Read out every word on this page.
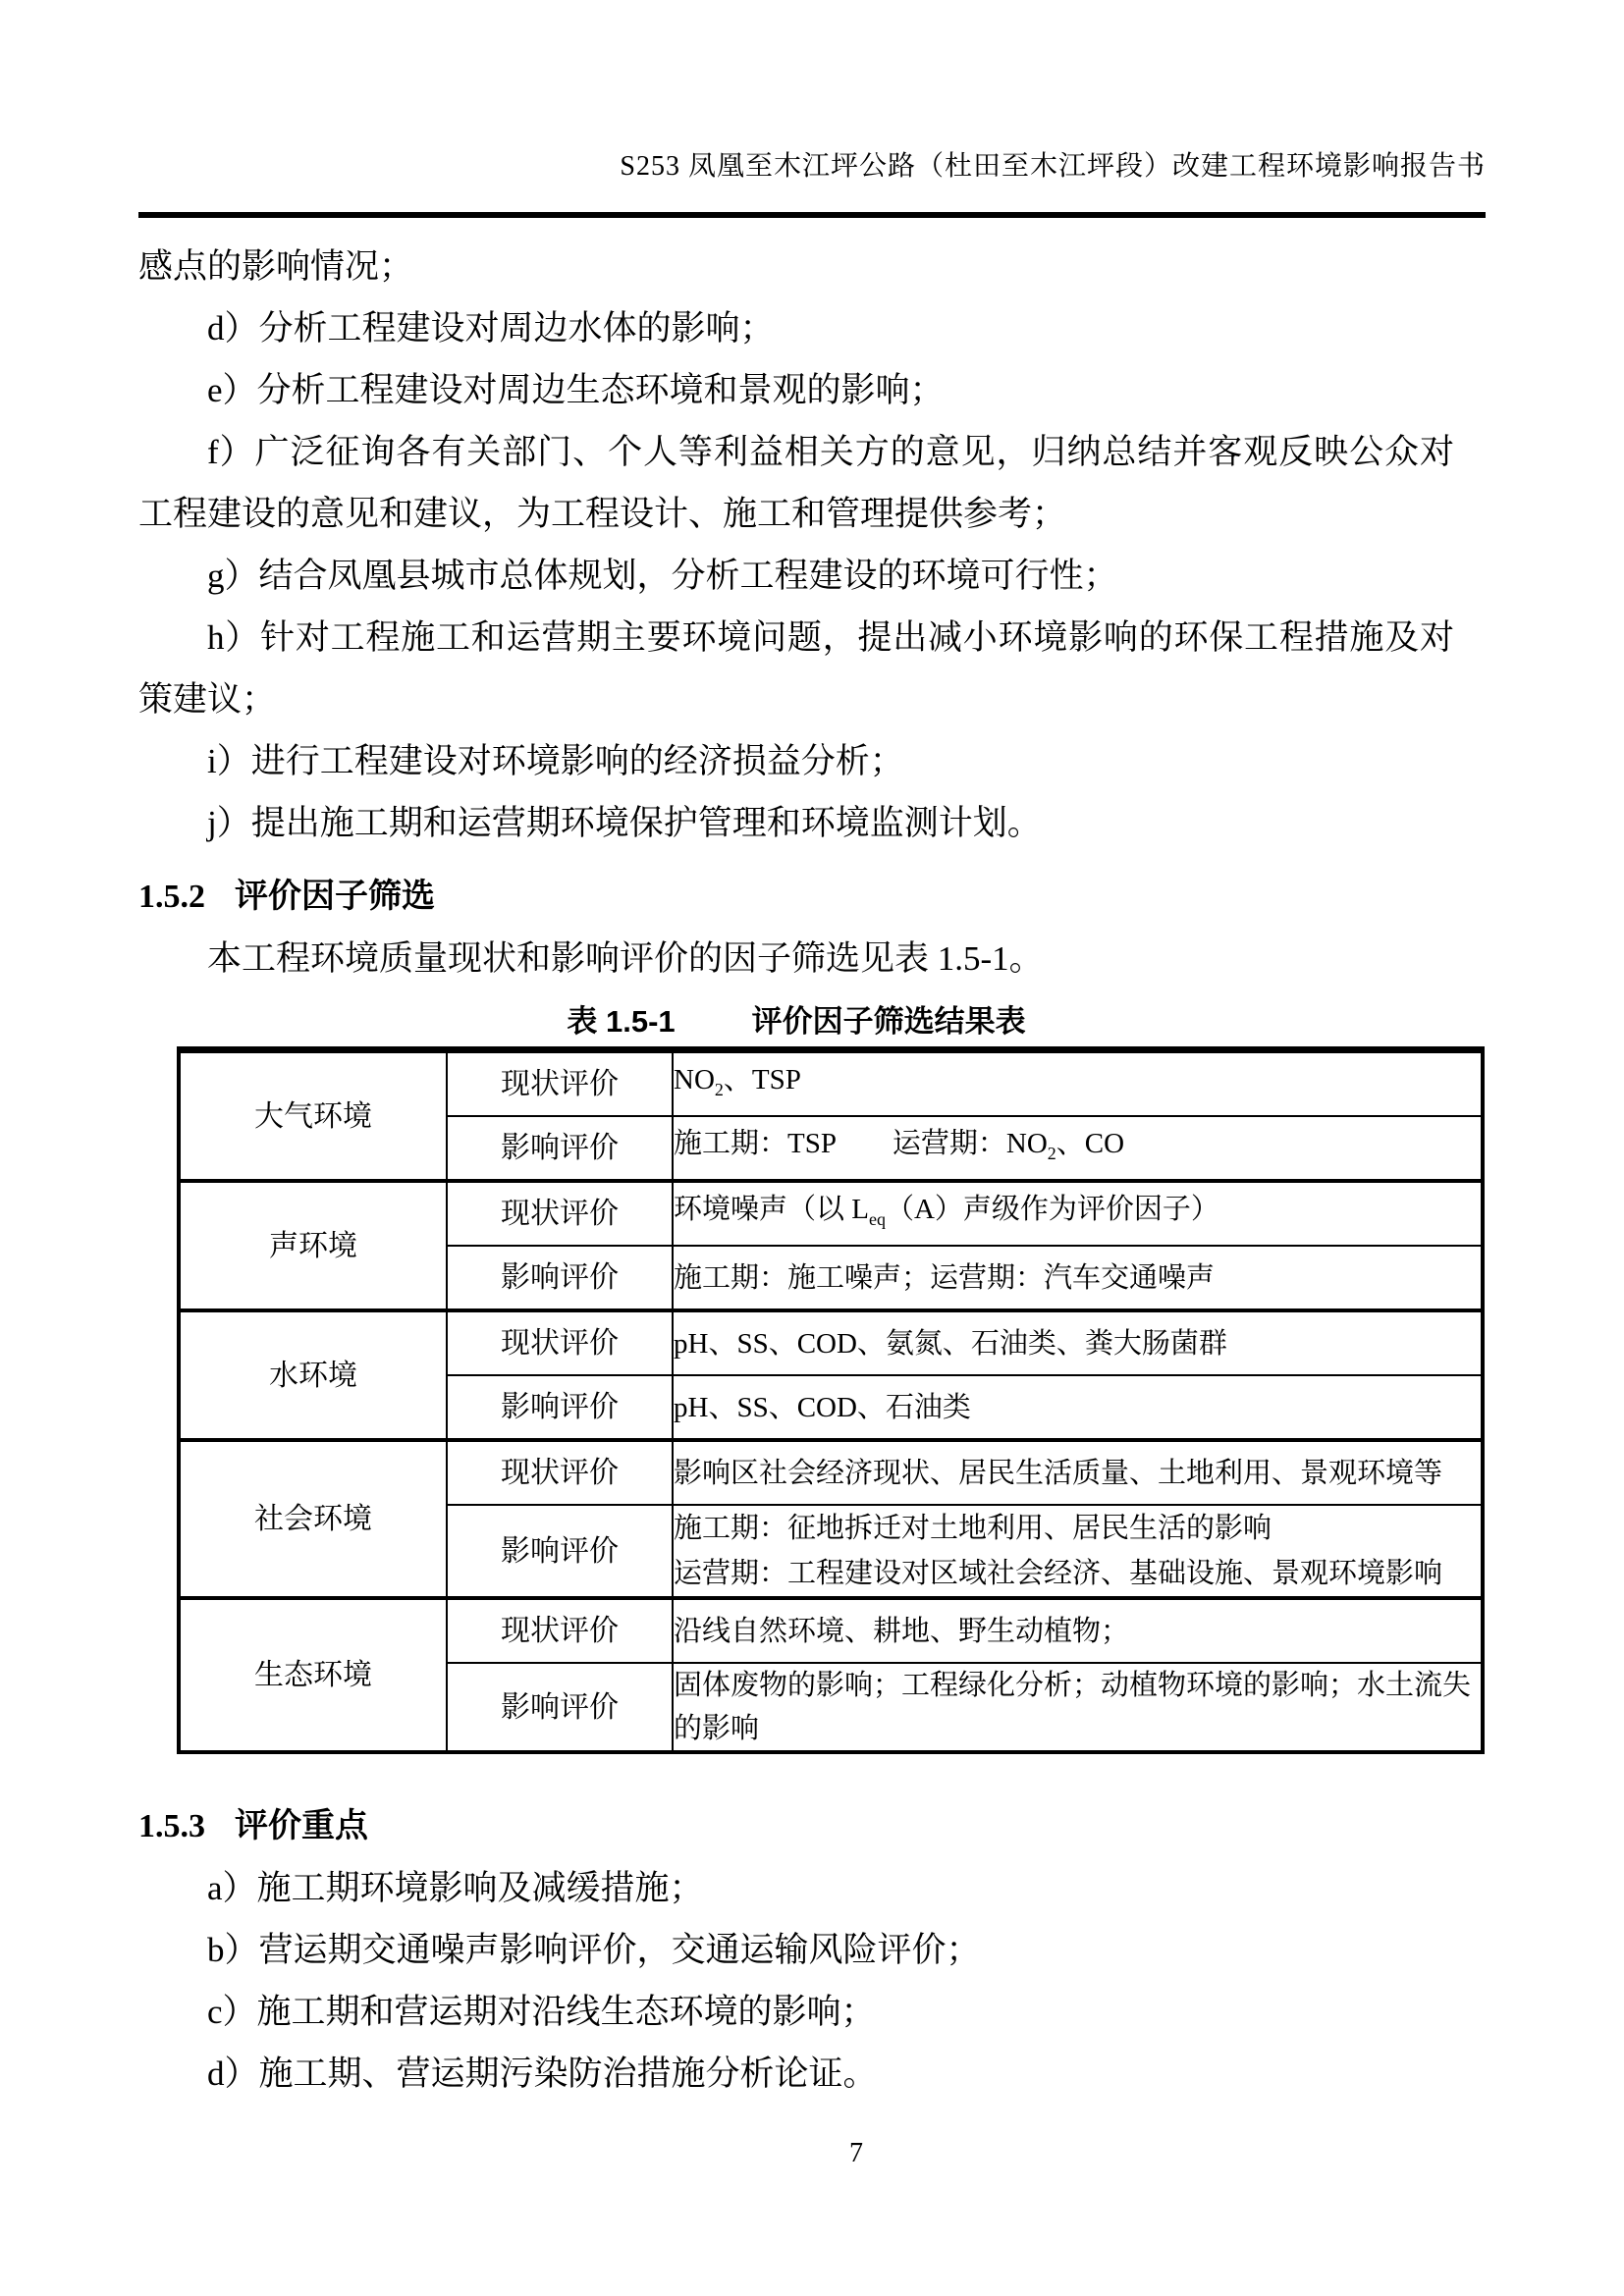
S253 凤凰至木江坪公路（杜田至木江坪段）改建工程环境影响报告书

感点的影响情况；

d）分析工程建设对周边水体的影响；

e）分析工程建设对周边生态环境和景观的影响；

f）广泛征询各有关部门、个人等利益相关方的意见，归纳总结并客观反映公众对工程建设的意见和建议，为工程设计、施工和管理提供参考；

g）结合凤凰县城市总体规划，分析工程建设的环境可行性；

h）针对工程施工和运营期主要环境问题，提出减小环境影响的环保工程措施及对策建议；

i）进行工程建设对环境影响的经济损益分析；

j）提出施工期和运营期环境保护管理和环境监测计划。

1.5.2 评价因子筛选

本工程环境质量现状和影响评价的因子筛选见表 1.5-1。

表 1.5-1	评价因子筛选结果表
大气环境	现状评价	$NO_2$、TSP
	影响评价	施工期：TSP　　运营期：$NO_2$、CO
声环境	现状评价	环境噪声（以 $L_{eq}(A)$声级作为评价因子）
	影响评价	施工期：施工噪声；运营期：汽车交通噪声
水环境	现状评价	pH、SS、COD、氨氮、石油类、粪大肠菌群
	影响评价	pH、SS、COD、石油类
社会环境	现状评价	影响区社会经济现状、居民生活质量、土地利用、景观环境等
	影响评价	施工期：征地拆迁对土地利用、居民生活的影响
运营期：工程建设对区域社会经济、基础设施、景观环境影响

生态环境	现状评价	沿线自然环境、耕地、野生动植物；
	影响评价	固体废物的影响；工程绿化分析；动植物环境的影响；水土流失的影响
1.5.3 评价重点

a）施工期环境影响及减缓措施；

b）营运期交通噪声影响评价，交通运输风险评价；

c）施工期和营运期对沿线生态环境的影响；

d）施工期、营运期污染防治措施分析论证。

7
